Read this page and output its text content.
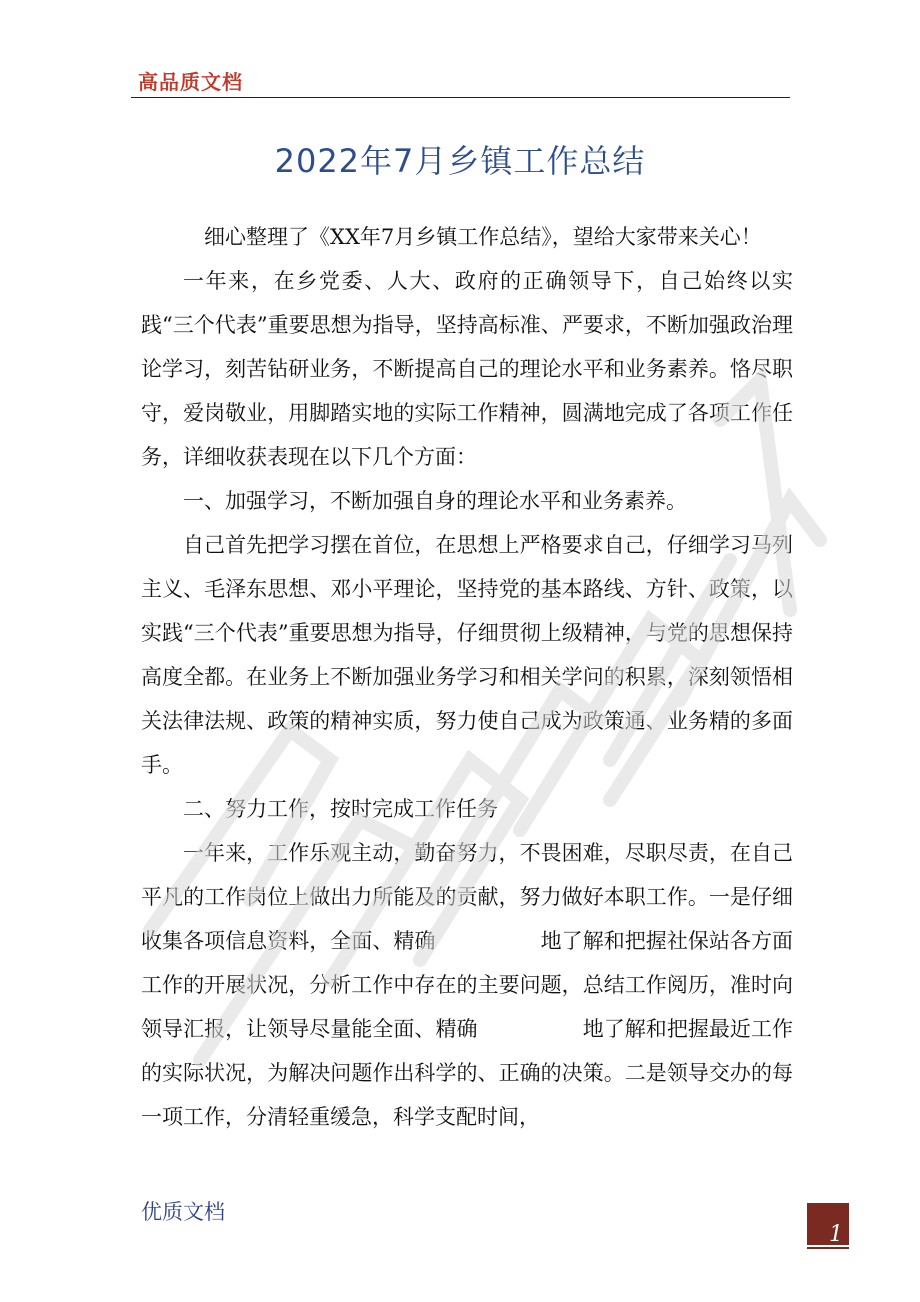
高品质文档
2022年7月乡镇工作总结

细心整理了《XX年7月乡镇工作总结》，望给大家带来关心！

一年来，在乡党委、人大、政府的正确领导下，自己始终以实践“三个代表”重要思想为指导，坚持高标准、严要求，不断加强政治理论学习，刻苦钻研业务，不断提高自己的理论水平和业务素养。恪尽职守，爱岗敬业，用脚踏实地的实际工作精神，圆满地完成了各项工作任务，详细收获表现在以下几个方面：

一、加强学习，不断加强自身的理论水平和业务素养。

自己首先把学习摆在首位，在思想上严格要求自己，仔细学习马列主义、毛泽东思想、邓小平理论，坚持党的基本路线、方针、政策，以实践“三个代表”重要思想为指导，仔细贯彻上级精神，与党的思想保持高度全都。在业务上不断加强业务学习和相关学问的积累，深刻领悟相关法律法规、政策的精神实质，努力使自己成为政策通、业务精的多面手。

二、努力工作，按时完成工作任务

一年来，工作乐观主动，勤奋努力，不畏困难，尽职尽责，在自己平凡的工作岗位上做出力所能及的贡献，努力做好本职工作。一是仔细收集各项信息资料，全面、精确　　　　　地了解和把握社保站各方面工作的开展状况，分析工作中存在的主要问题，总结工作阅历，准时向领导汇报，让领导尽量能全面、精确　　　　　地了解和把握最近工作的实际状况，为解决问题作出科学的、正确的决策。二是领导交办的每一项工作，分清轻重缓急，科学支配时间，

优质文档
1
